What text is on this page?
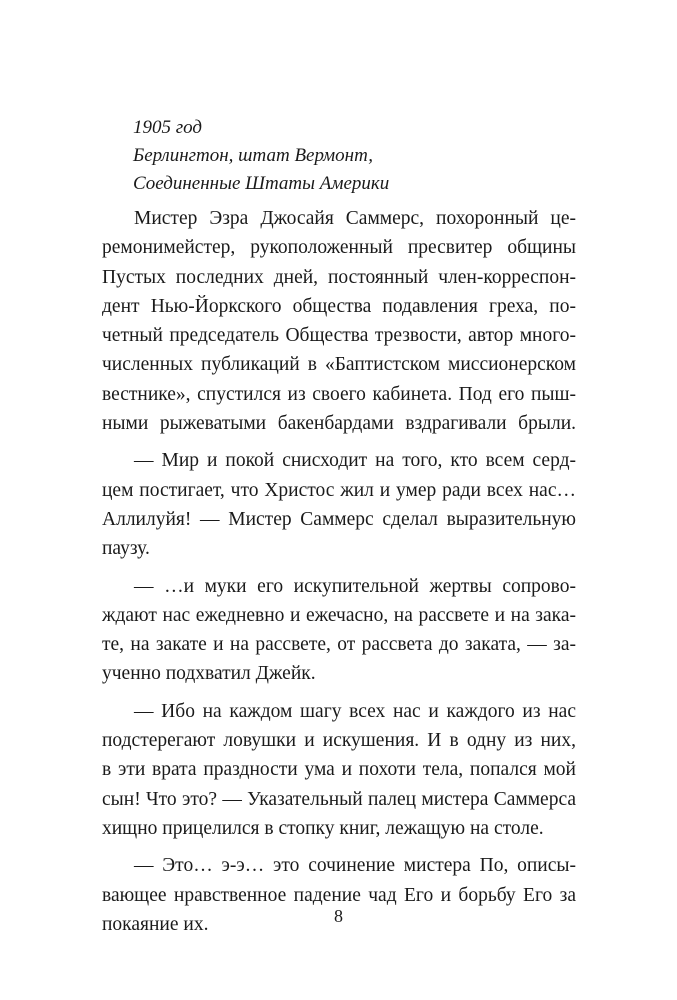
1905 год
Берлингтон, штат Вермонт,
Соединенные Штаты Америки
Мистер Эзра Джосайя Саммерс, похоронный це-
ремонимейстер, рукоположенный пресвитер общины
Пустых последних дней, постоянный член-корреспон-
дент Нью-Йоркского общества подавления греха, по-
четный председатель Общества трезвости, автор много-
численных публикаций в «Баптистском миссионерском
вестнике», спустился из своего кабинета. Под его пыш-
ными рыжеватыми бакенбардами вздрагивали брыли.
— Мир и покой снисходит на того, кто всем серд-
цем постигает, что Христос жил и умер ради всех нас…
Аллилуйя! — Мистер Саммерс сделал выразительную
паузу.
— …и муки его искупительной жертвы сопрово-
ждают нас ежедневно и ежечасно, на рассвете и на зака-
те, на закате и на рассвете, от рассвета до заката, — за-
ученно подхватил Джейк.
— Ибо на каждом шагу всех нас и каждого из нас
подстерегают ловушки и искушения. И в одну из них,
в эти врата праздности ума и похоти тела, попался мой
сын! Что это? — Указательный палец мистера Саммерса
хищно прицелился в стопку книг, лежащую на столе.
— Это… э-э… это сочинение мистера По, описы-
вающее нравственное падение чад Его и борьбу Его за
покаяние их.	8
